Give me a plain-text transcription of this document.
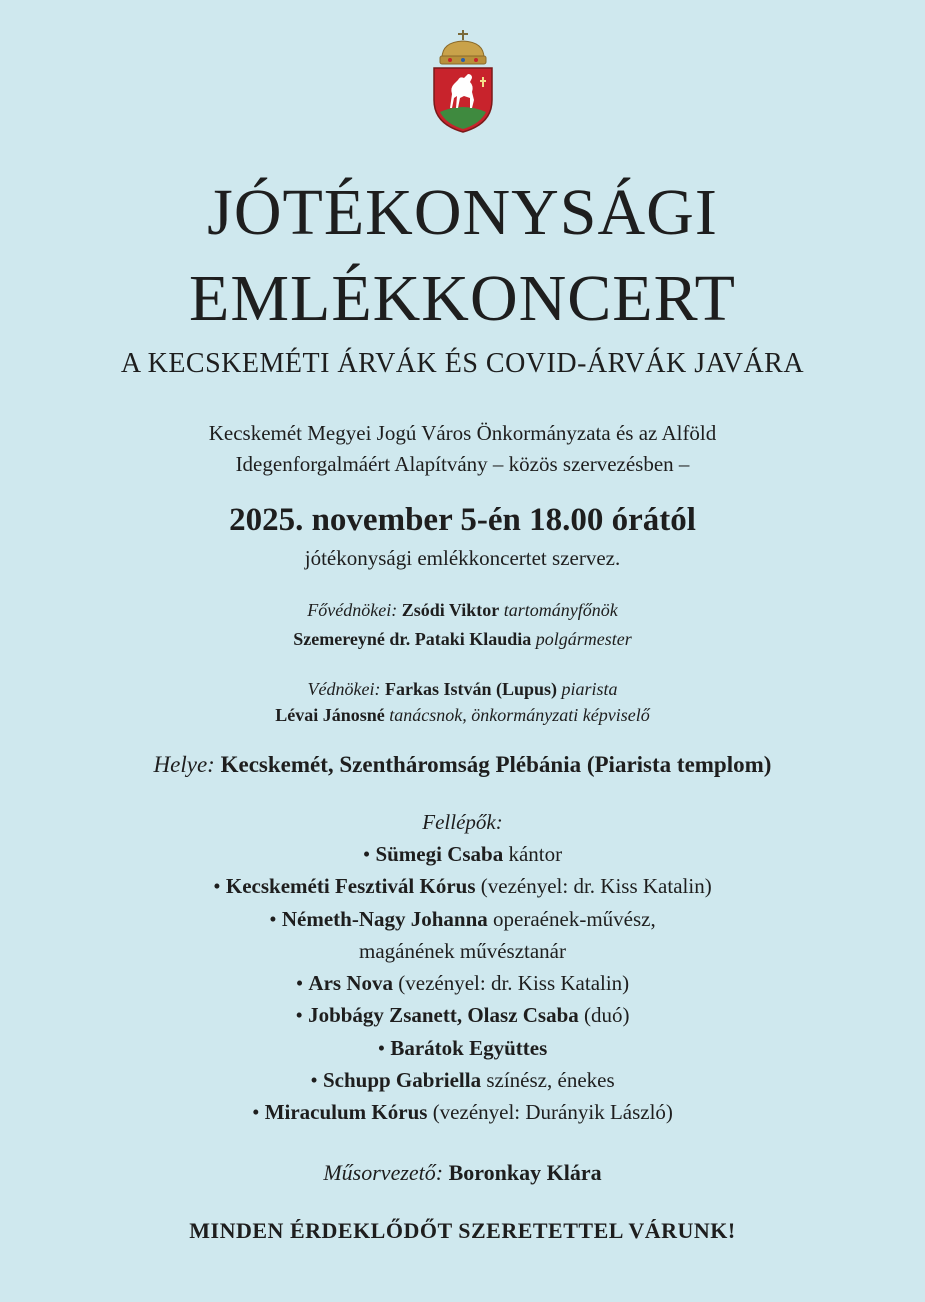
JÓTÉKONYSÁGI
EMLÉKKONCERT
A KECSKEMÉTI ÁRVÁK ÉS COVID-ÁRVÁK JAVÁRA
Kecskemét Megyei Jogú Város Önkormányzata és az Alföld
Idegenforgalmáért Alapítvány – közös szervezésben –
2025. november 5-én 18.00 órától
jótékonysági emlékkoncertet szervez.
Fővédnökei: Zsódi Viktor tartományfőnök
Szemereyné dr. Pataki Klaudia polgármester
Védnökei: Farkas István (Lupus) piarista
Lévai Jánosné tanácsnok, önkormányzati képviselő
Helye: Kecskemét, Szentháromság Plébánia (Piarista templom)
Fellépők:
• Sümegi Csaba kántor
• Kecskeméti Fesztivál Kórus (vezényel: dr. Kiss Katalin)
• Németh-Nagy Johanna operaének-művész,
magánének művésztanár
• Ars Nova (vezényel: dr. Kiss Katalin)
• Jobbágy Zsanett, Olasz Csaba (duó)
• Barátok Együttes
• Schupp Gabriella színész, énekes
• Miraculum Kórus (vezényel: Durányik László)
Műsorvezető: Boronkay Klára
MINDEN ÉRDEKLŐDŐT SZERETETTEL VÁRUNK!
